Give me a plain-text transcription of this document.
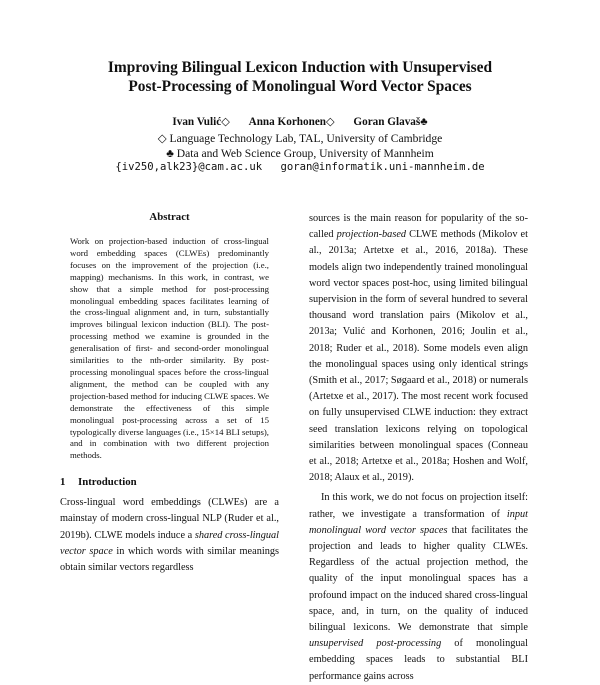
Improving Bilingual Lexicon Induction with Unsupervised
Post-Processing of Monolingual Word Vector Spaces
Ivan Vulić◇ Anna Korhonen◇ Goran Glavaš♣
◇ Language Technology Lab, TAL, University of Cambridge
♣ Data and Web Science Group, University of Mannheim
{iv250,alk23}@cam.ac.uk goran@informatik.uni-mannheim.de
Abstract

Work on projection-based induction of cross-lingual word embedding spaces (CLWEs) predominantly focuses on the improvement of the projection (i.e., mapping) mechanisms. In this work, in contrast, we show that a simple method for post-processing monolingual embedding spaces facilitates learning of the cross-lingual alignment and, in turn, substantially improves bilingual lexicon induction (BLI). The post-processing method we examine is grounded in the generalisation of first- and second-order monolingual similarities to the nth-order similarity. By post-processing monolingual spaces before the cross-lingual alignment, the method can be coupled with any projection-based method for inducing CLWE spaces. We demonstrate the effectiveness of this simple monolingual post-processing across a set of 15 typologically diverse languages (i.e., 15×14 BLI setups), and in combination with two different projection methods.

1 Introduction

Cross-lingual word embeddings (CLWEs) are a mainstay of modern cross-lingual NLP (Ruder et al., 2019b). CLWE models induce a shared cross-lingual vector space in which words with similar meanings obtain similar vectors regardless

sources is the main reason for popularity of the so-called projection-based CLWE methods (Mikolov et al., 2013a; Artetxe et al., 2016, 2018a). These models align two independently trained monolingual word vector spaces post-hoc, using limited bilingual supervision in the form of several hundred to several thousand word translation pairs (Mikolov et al., 2013a; Vulić and Korhonen, 2016; Joulin et al., 2018; Ruder et al., 2018). Some models even align the monolingual spaces using only identical strings (Smith et al., 2017; Søgaard et al., 2018) or numerals (Artetxe et al., 2017). The most recent work focused on fully unsupervised CLWE induction: they extract seed translation lexicons relying on topological similarities between monolingual spaces (Conneau et al., 2018; Artetxe et al., 2018a; Hoshen and Wolf, 2018; Alaux et al., 2019).

In this work, we do not focus on projection itself: rather, we investigate a transformation of input monolingual word vector spaces that facilitates the projection and leads to higher quality CLWEs. Regardless of the actual projection method, the quality of the input monolingual spaces has a profound impact on the induced shared cross-lingual space, and, in turn, on the quality of induced bilingual lexicons. We demonstrate that simple unsupervised post-processing of monolingual embedding spaces leads to substantial BLI performance gains across
